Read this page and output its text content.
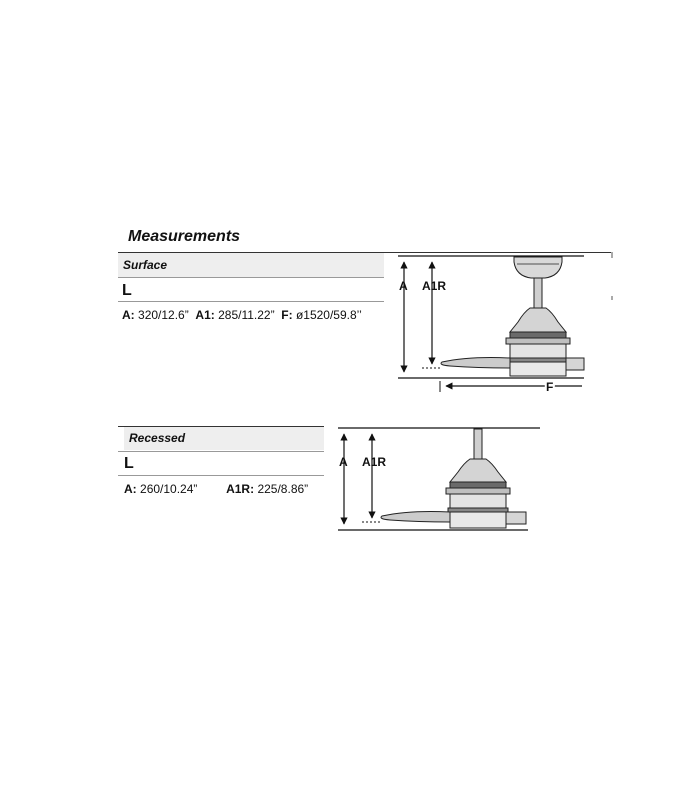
Measurements
Surface
L
A: 320/12.6” A1: 285/11.22” F: ø1520/59.8’’
Recessed
L
A: 260/10.24” A1R: 225/8.86”
A A1R
F
A A1R
